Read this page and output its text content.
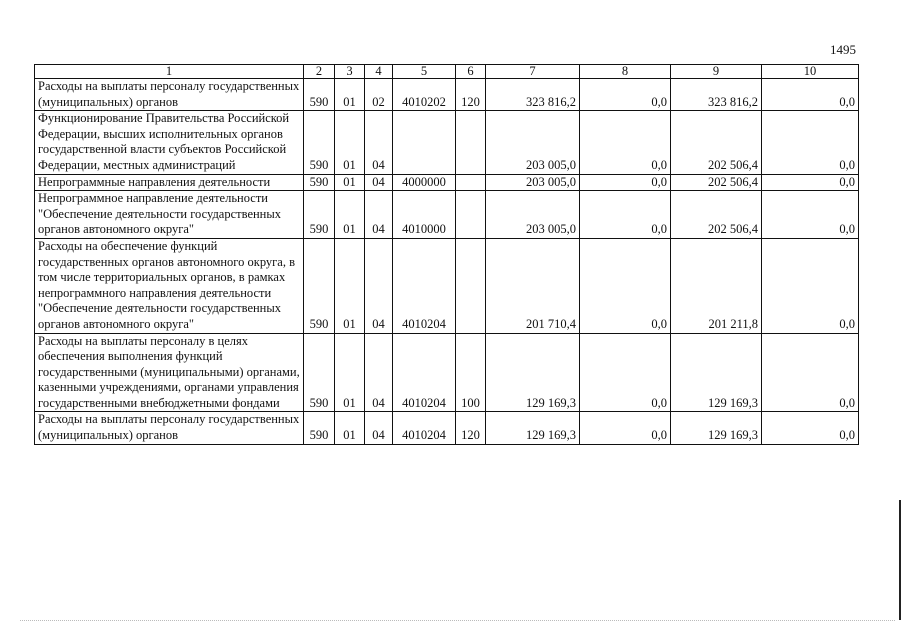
1495
1	2	3	4	5	6	7	8	9	10
Расходы на выплаты персоналу государственных (муниципальных) органов	590	01	02	4010202	120	323 816,2	0,0	323 816,2	0,0
Функционирование Правительства Российской Федерации, высших исполнительных органов государственной власти субъектов Российской Федерации, местных администраций	590	01	04			203 005,0	0,0	202 506,4	0,0
Непрограммные направления деятельности	590	01	04	4000000		203 005,0	0,0	202 506,4	0,0
Непрограммное направление деятельности "Обеспечение деятельности государственных органов автономного округа"	590	01	04	4010000		203 005,0	0,0	202 506,4	0,0
Расходы на обеспечение функций государственных органов автономного округа, в том числе территориальных органов, в рамках непрограммного направления деятельности "Обеспечение деятельности государственных органов автономного округа"	590	01	04	4010204		201 710,4	0,0	201 211,8	0,0
Расходы на выплаты персоналу в целях обеспечения выполнения функций государственными (муниципальными) органами, казенными учреждениями, органами управления государственными внебюджетными фондами	590	01	04	4010204	100	129 169,3	0,0	129 169,3	0,0
Расходы на выплаты персоналу государственных (муниципальных) органов	590	01	04	4010204	120	129 169,3	0,0	129 169,3	0,0
